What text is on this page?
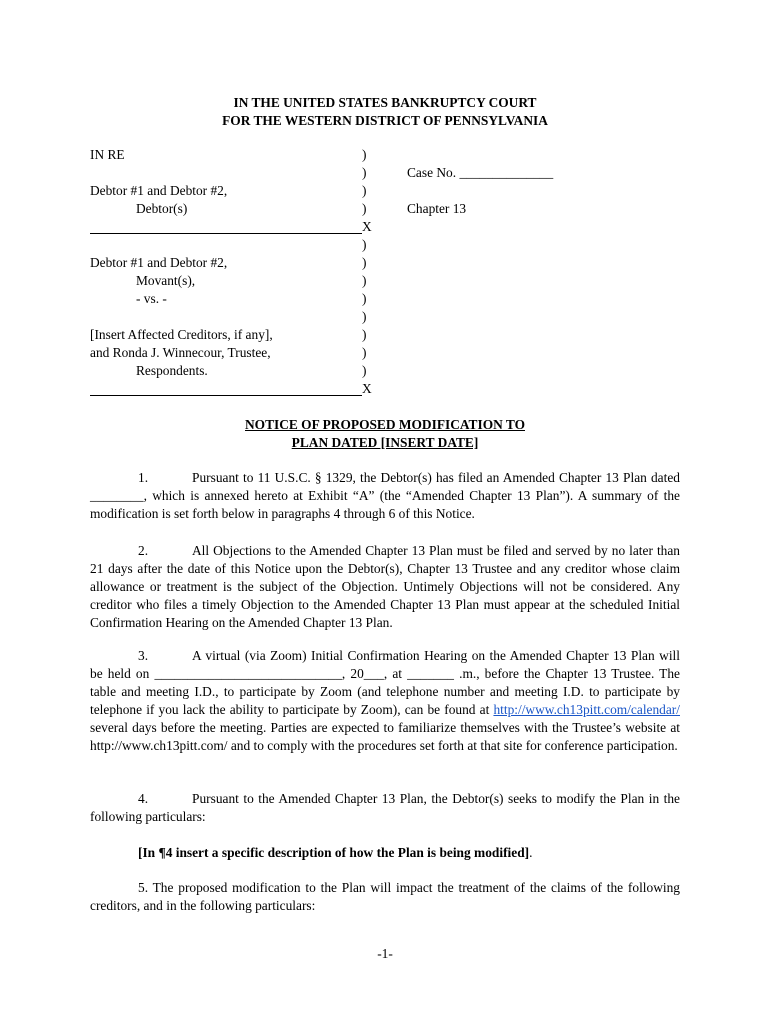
IN THE UNITED STATES BANKRUPTCY COURT
FOR THE WESTERN DISTRICT OF PENNSYLVANIA
IN RE	)
)	Case No. ______________
Debtor #1 and Debtor #2,	)
Debtor(s)	)	Chapter 13
X
)
Debtor #1 and Debtor #2,	)
Movant(s),	)
- vs. -	)
)
[Insert Affected Creditors, if any],	)
and Ronda J. Winnecour, Trustee,	)
Respondents.	)
X
NOTICE OF PROPOSED MODIFICATION TO
PLAN DATED [INSERT DATE]

1.	Pursuant to 11 U.S.C. § 1329, the Debtor(s) has filed an Amended Chapter 13 Plan dated ________, which is annexed hereto at Exhibit “A” (the “Amended Chapter 13 Plan”). A summary of the modification is set forth below in paragraphs 4 through 6 of this Notice.

2.	All Objections to the Amended Chapter 13 Plan must be filed and served by no later than 21 days after the date of this Notice upon the Debtor(s), Chapter 13 Trustee and any creditor whose claim allowance or treatment is the subject of the Objection. Untimely Objections will not be considered. Any creditor who files a timely Objection to the Amended Chapter 13 Plan must appear at the scheduled Initial Confirmation Hearing on the Amended Chapter 13 Plan.

3.	A virtual (via Zoom) Initial Confirmation Hearing on the Amended Chapter 13 Plan will be held on ____________________________, 20___, at _______ .m., before the Chapter 13 Trustee. The table and meeting I.D., to participate by Zoom (and telephone number and meeting I.D. to participate by telephone if you lack the ability to participate by Zoom), can be found at http://www.ch13pitt.com/calendar/ several days before the meeting. Parties are expected to familiarize themselves with the Trustee’s website at http://www.ch13pitt.com/ and to comply with the procedures set forth at that site for conference participation.

4.	Pursuant to the Amended Chapter 13 Plan, the Debtor(s) seeks to modify the Plan in the following particulars:

[In ¶4 insert a specific description of how the Plan is being modified].

5. The proposed modification to the Plan will impact the treatment of the claims of the following creditors, and in the following particulars:

-1-
